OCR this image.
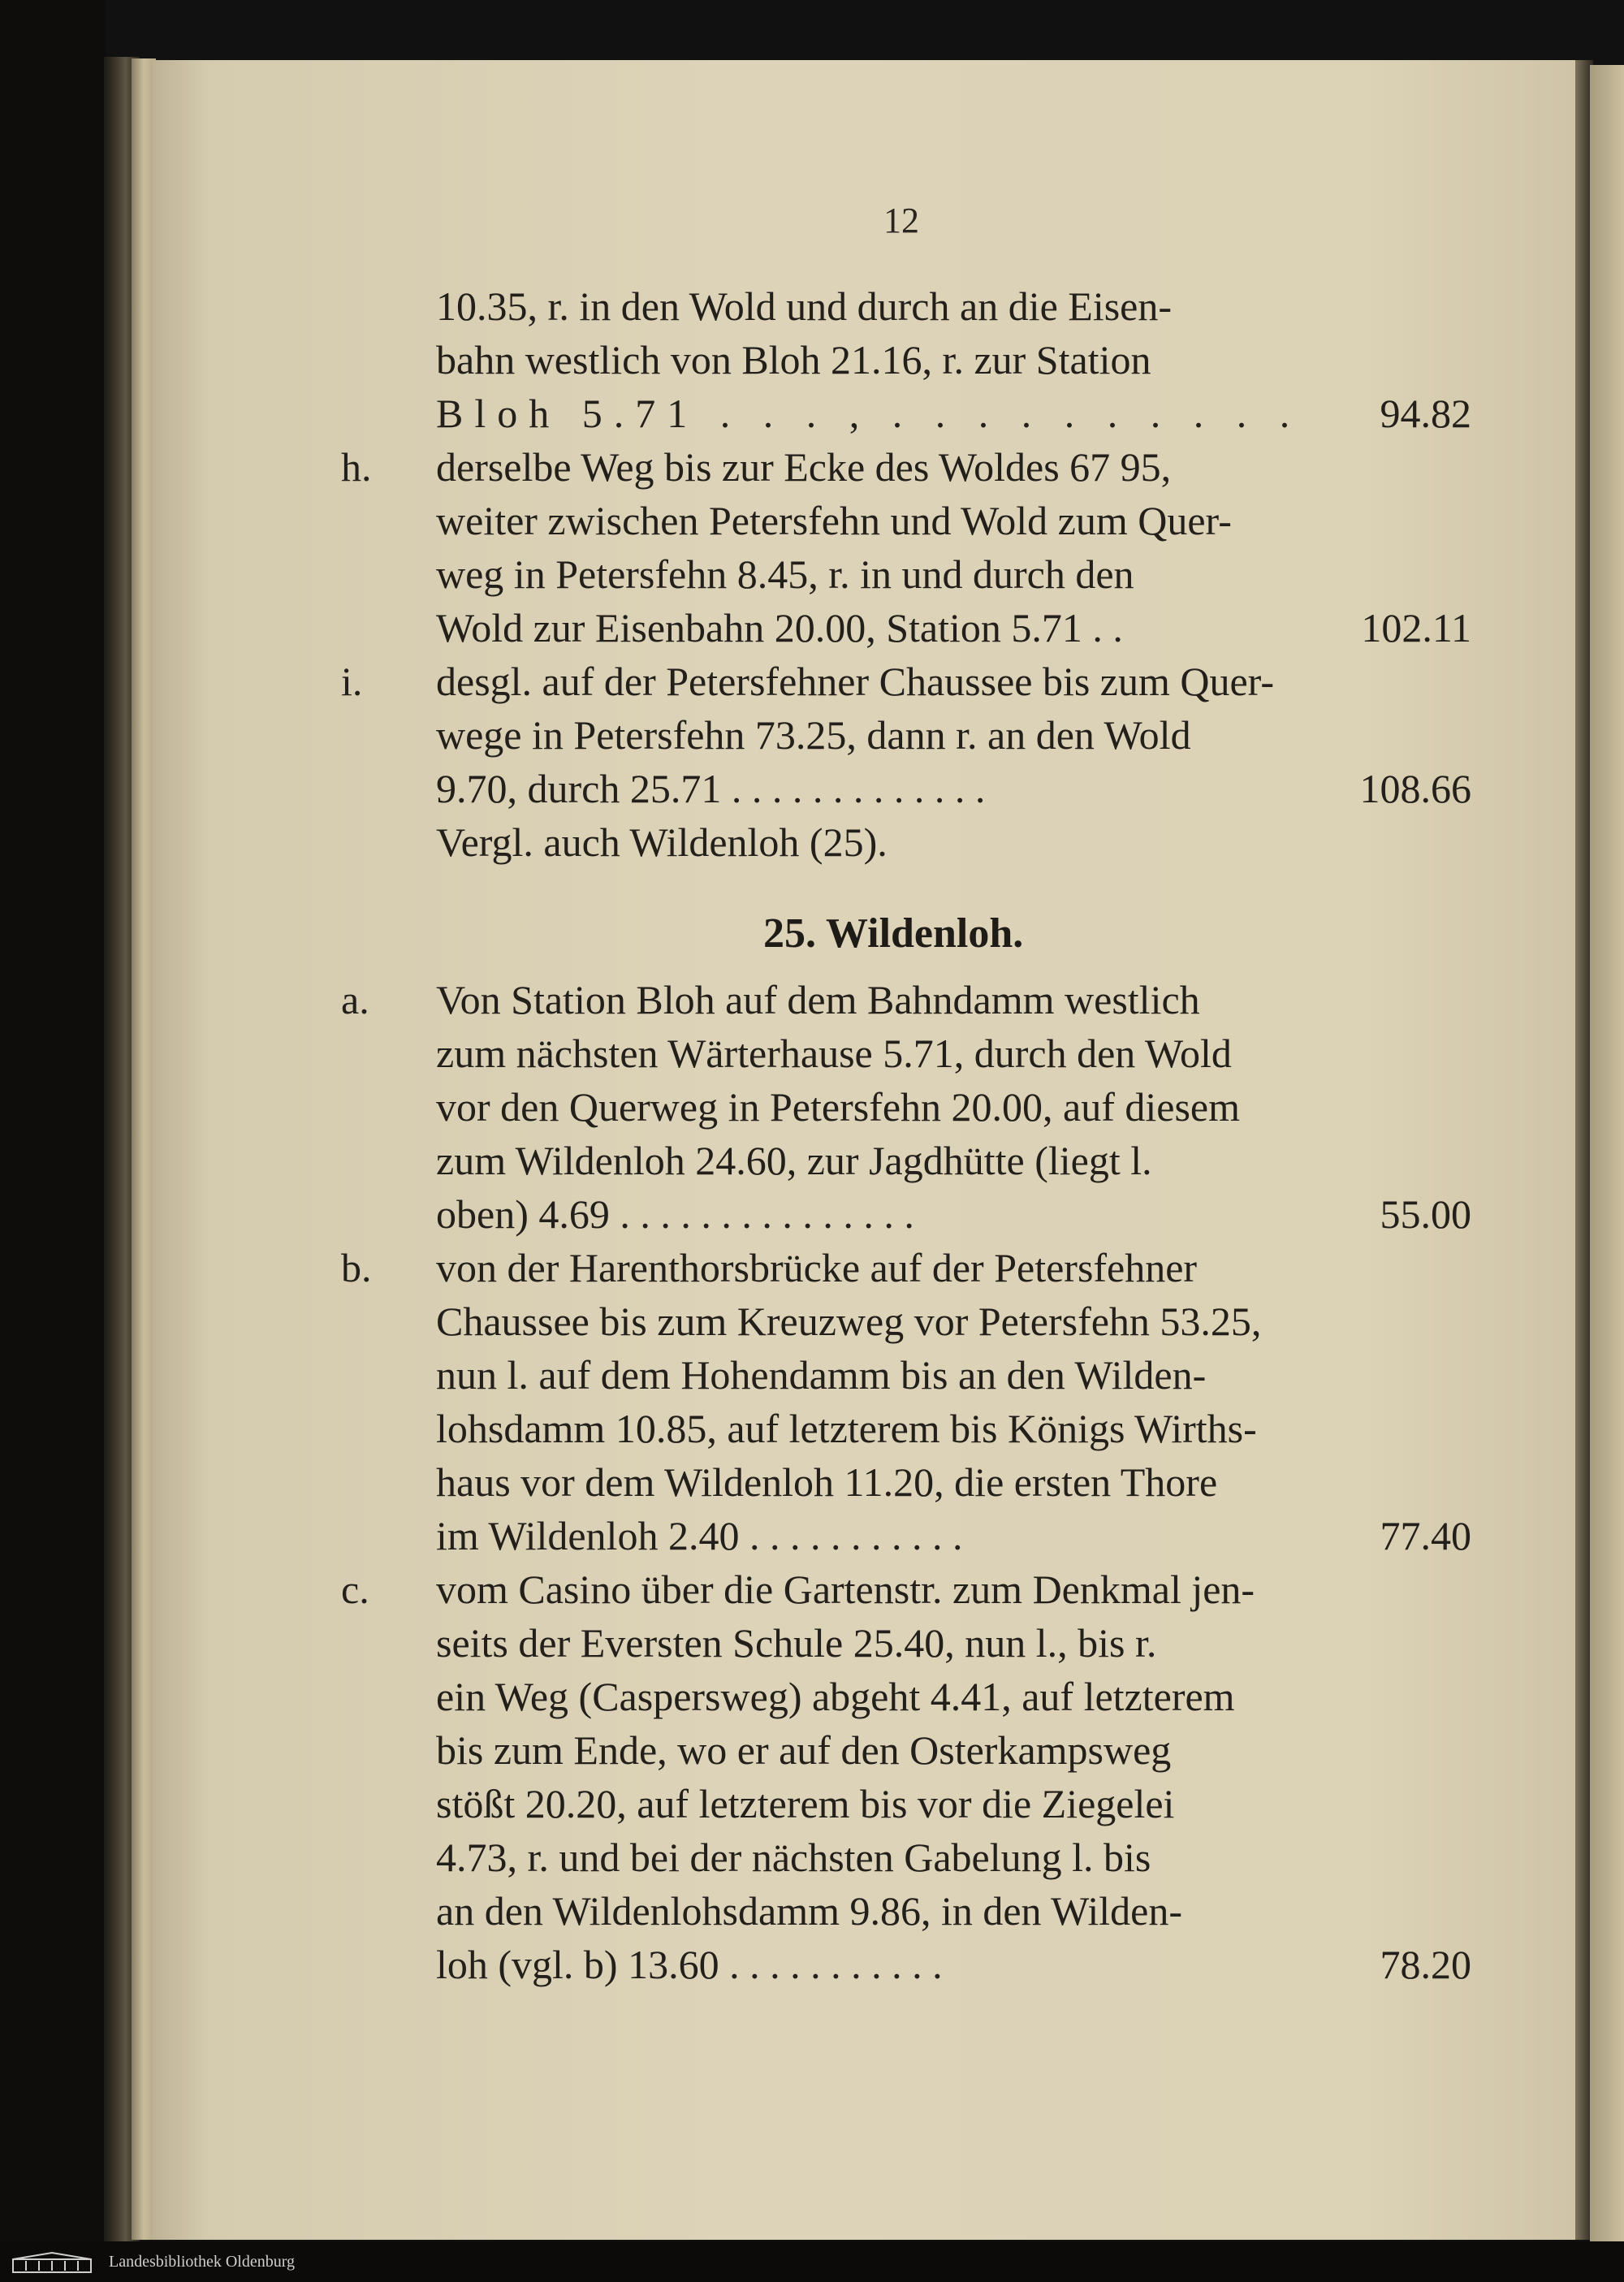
12
10.35, r. in den Wold und durch an die Eisen-
bahn westlich von Bloh 21.16, r. zur Station
Bloh 5.71 . . . , . . . . . . . . . . 94.82
h.	derselbe Weg bis zur Ecke des Woldes 67 95,
weiter zwischen Petersfehn und Wold zum Quer-
weg in Petersfehn 8.45, r. in und durch den
Wold zur Eisenbahn 20.00, Station 5.71 . .	102.11
i.	desgl. auf der Petersfehner Chaussee bis zum Quer-
wege in Petersfehn 73.25, dann r. an den Wold
9.70, durch 25.71 . . . . . . . . . . . . .	108.66
Vergl. auch Wildenloh (25).
25. Wildenloh.
a.	Von Station Bloh auf dem Bahndamm westlich
zum nächsten Wärterhause 5.71, durch den Wold
vor den Querweg in Petersfehn 20.00, auf diesem
zum Wildenloh 24.60, zur Jagdhütte (liegt l.
oben) 4.69 . . . . . . . . . . . . . . .	55.00
b.	von der Harenthorsbrücke auf der Petersfehner
Chaussee bis zum Kreuzweg vor Petersfehn 53.25,
nun l. auf dem Hohendamm bis an den Wilden-
lohsdamm 10.85, auf letzterem bis Königs Wirths-
haus vor dem Wildenloh 11.20, die ersten Thore
im Wildenloh 2.40 . . . . . . . . . . .	77.40
c.	vom Casino über die Gartenstr. zum Denkmal jen-
seits der Eversten Schule 25.40, nun l., bis r.
ein Weg (Caspersweg) abgeht 4.41, auf letzterem
bis zum Ende, wo er auf den Osterkampsweg
stößt 20.20, auf letzterem bis vor die Ziegelei
4.73, r. und bei der nächsten Gabelung l. bis
an den Wildenlohsdamm 9.86, in den Wilden-
loh (vgl. b) 13.60 . . . . . . . . . . .	78.20
Landesbibliothek Oldenburg
